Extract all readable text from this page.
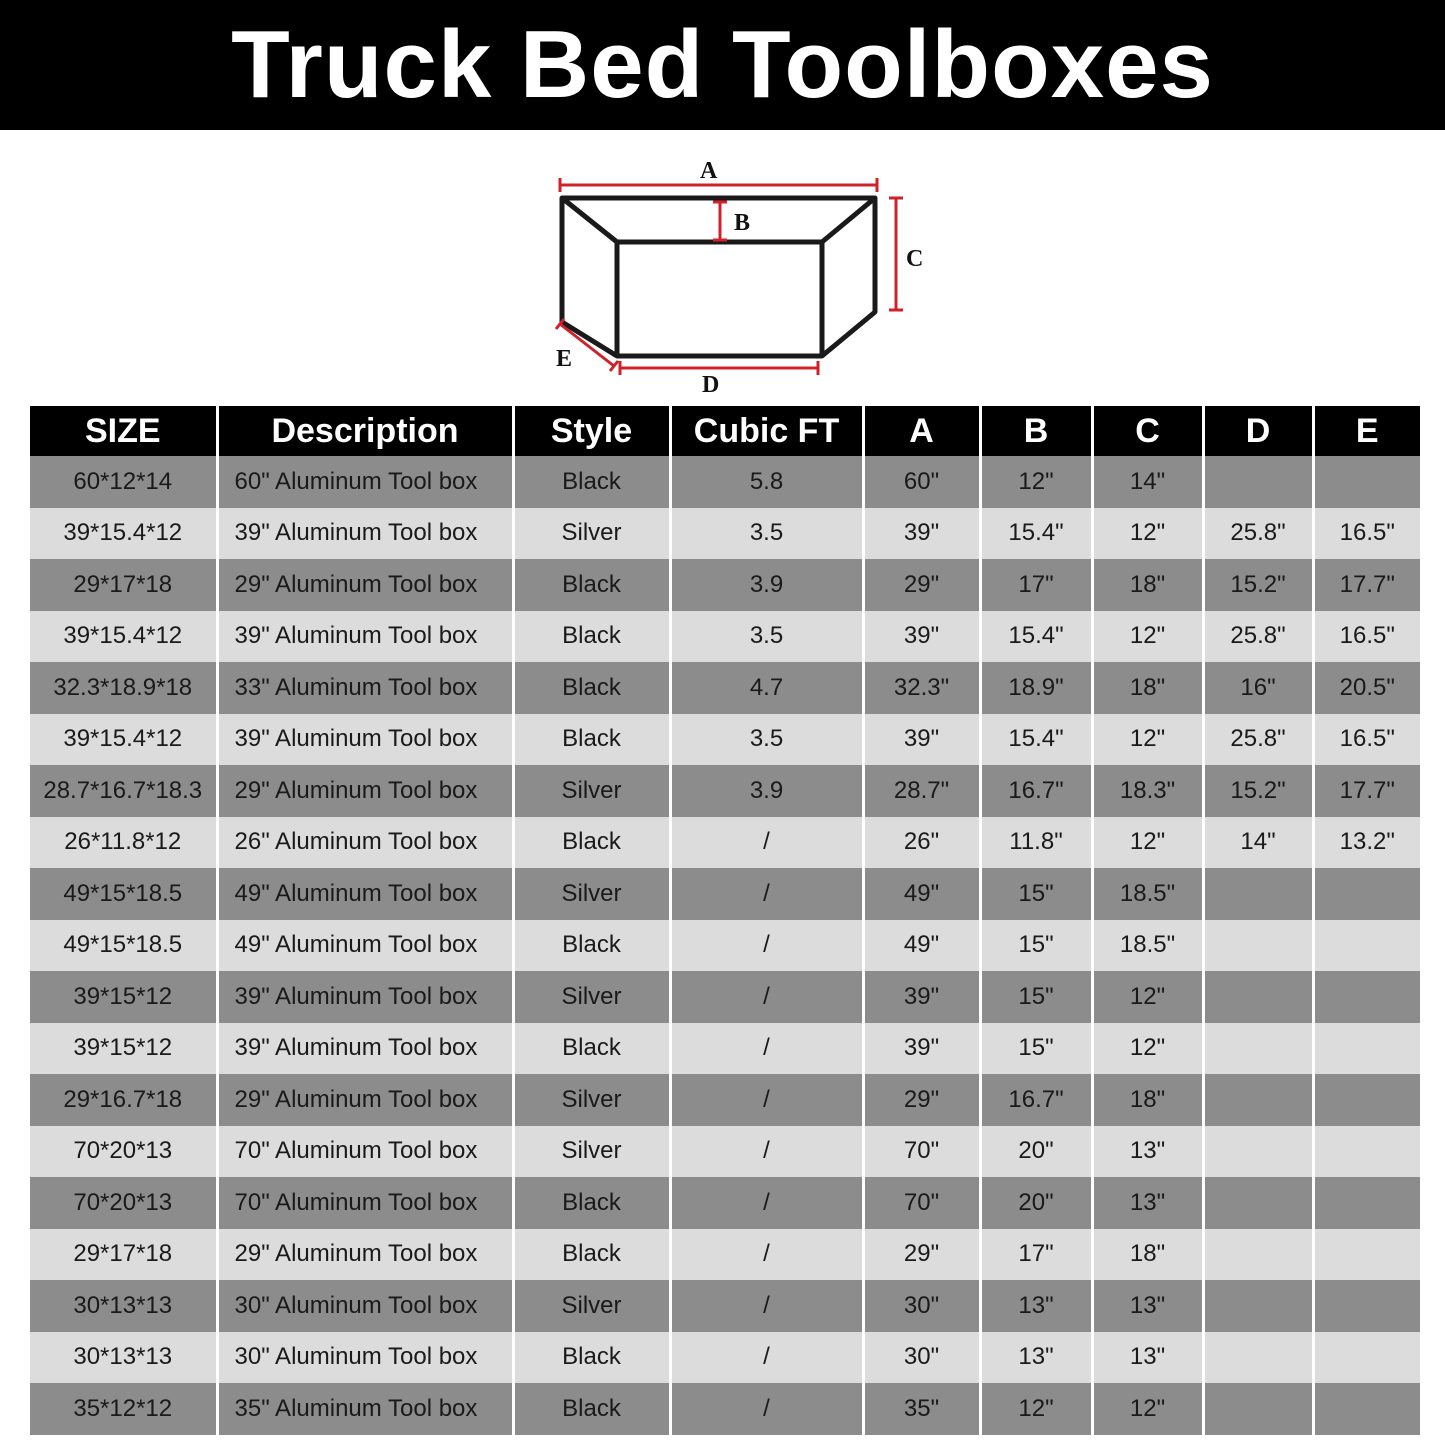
Truck Bed Toolboxes
A
B
C
D
E
SIZE	Description	Style	Cubic FT	A	B	C	D	E
60*12*14	60" Aluminum Tool box	Black	5.8	60"	12"	14"		
39*15.4*12	39" Aluminum Tool box	Silver	3.5	39"	15.4"	12"	25.8"	16.5"
29*17*18	29" Aluminum Tool box	Black	3.9	29"	17"	18"	15.2"	17.7"
39*15.4*12	39" Aluminum Tool box	Black	3.5	39"	15.4"	12"	25.8"	16.5"
32.3*18.9*18	33" Aluminum Tool box	Black	4.7	32.3"	18.9"	18"	16"	20.5"
39*15.4*12	39" Aluminum Tool box	Black	3.5	39"	15.4"	12"	25.8"	16.5"
28.7*16.7*18.3	29" Aluminum Tool box	Silver	3.9	28.7"	16.7"	18.3"	15.2"	17.7"
26*11.8*12	26" Aluminum Tool box	Black	/	26"	11.8"	12"	14"	13.2"
49*15*18.5	49" Aluminum Tool box	Silver	/	49"	15"	18.5"		
49*15*18.5	49" Aluminum Tool box	Black	/	49"	15"	18.5"		
39*15*12	39" Aluminum Tool box	Silver	/	39"	15"	12"		
39*15*12	39" Aluminum Tool box	Black	/	39"	15"	12"		
29*16.7*18	29" Aluminum Tool box	Silver	/	29"	16.7"	18"		
70*20*13	70" Aluminum Tool box	Silver	/	70"	20"	13"		
70*20*13	70" Aluminum Tool box	Black	/	70"	20"	13"		
29*17*18	29" Aluminum Tool box	Black	/	29"	17"	18"		
30*13*13	30" Aluminum Tool box	Silver	/	30"	13"	13"		
30*13*13	30" Aluminum Tool box	Black	/	30"	13"	13"		
35*12*12	35" Aluminum Tool box	Black	/	35"	12"	12"		
